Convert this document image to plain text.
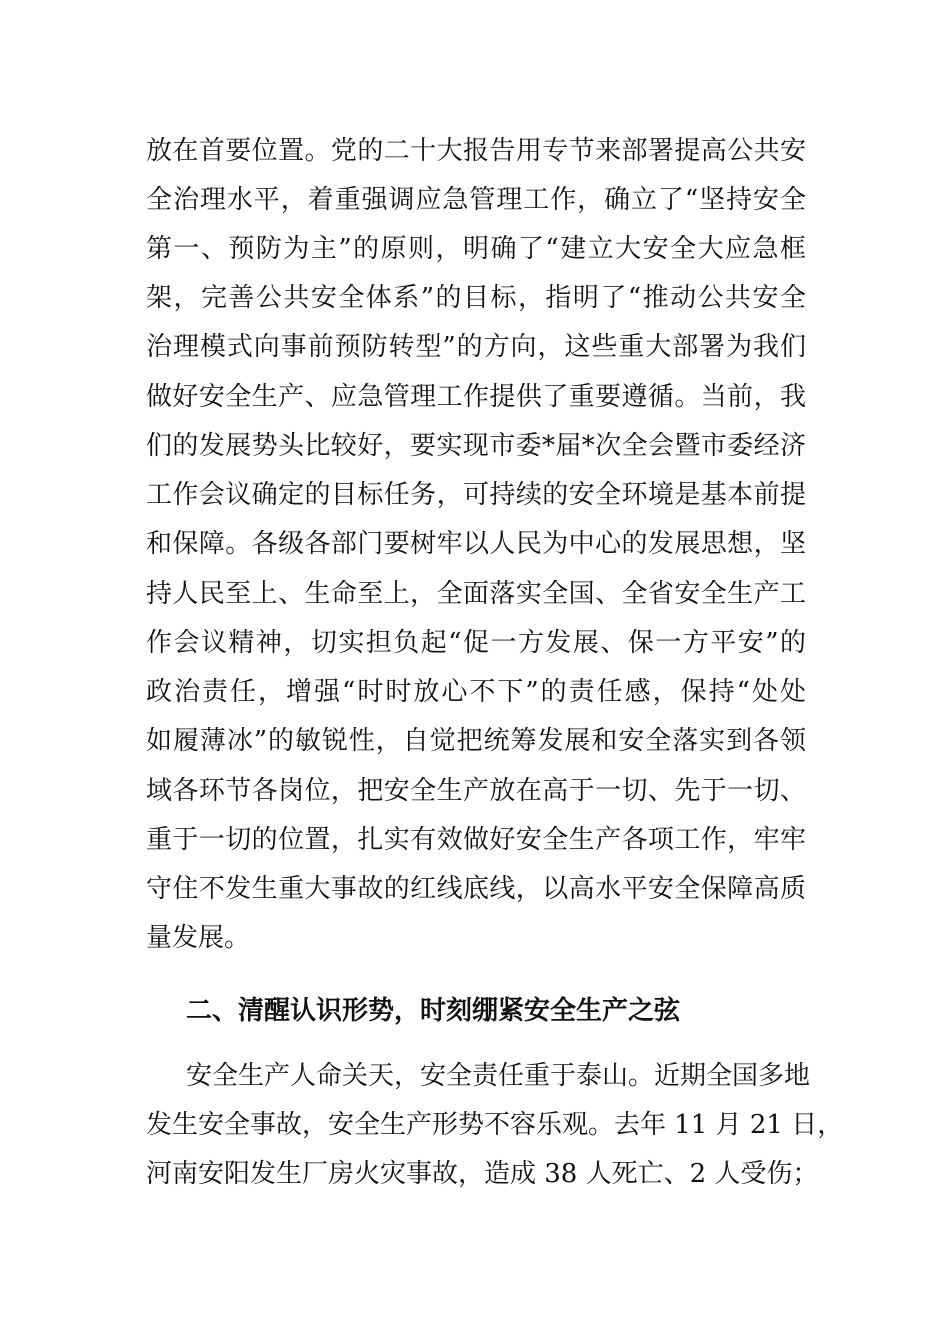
放在首要位置。党的二十大报告用专节来部署提高公共安
全治理水平，着重强调应急管理工作，确立了“坚持安全
第一、预防为主”的原则，明确了“建立大安全大应急框
架，完善公共安全体系”的目标，指明了“推动公共安全
治理模式向事前预防转型”的方向，这些重大部署为我们
做好安全生产、应急管理工作提供了重要遵循。当前，我
们的发展势头比较好，要实现市委*届*次全会暨市委经济
工作会议确定的目标任务，可持续的安全环境是基本前提
和保障。各级各部门要树牢以人民为中心的发展思想，坚
持人民至上、生命至上，全面落实全国、全省安全生产工
作会议精神，切实担负起“促一方发展、保一方平安”的
政治责任，增强“时时放心不下”的责任感，保持“处处
如履薄冰”的敏锐性，自觉把统筹发展和安全落实到各领
域各环节各岗位，把安全生产放在高于一切、先于一切、
重于一切的位置，扎实有效做好安全生产各项工作，牢牢
守住不发生重大事故的红线底线，以高水平安全保障高质
量发展。
二、清醒认识形势，时刻绷紧安全生产之弦
安全生产人命关天，安全责任重于泰山。近期全国多地
发生安全事故，安全生产形势不容乐观。去年 11 月 21 日，
河南安阳发生厂房火灾事故，造成 38 人死亡、2 人受伤；
